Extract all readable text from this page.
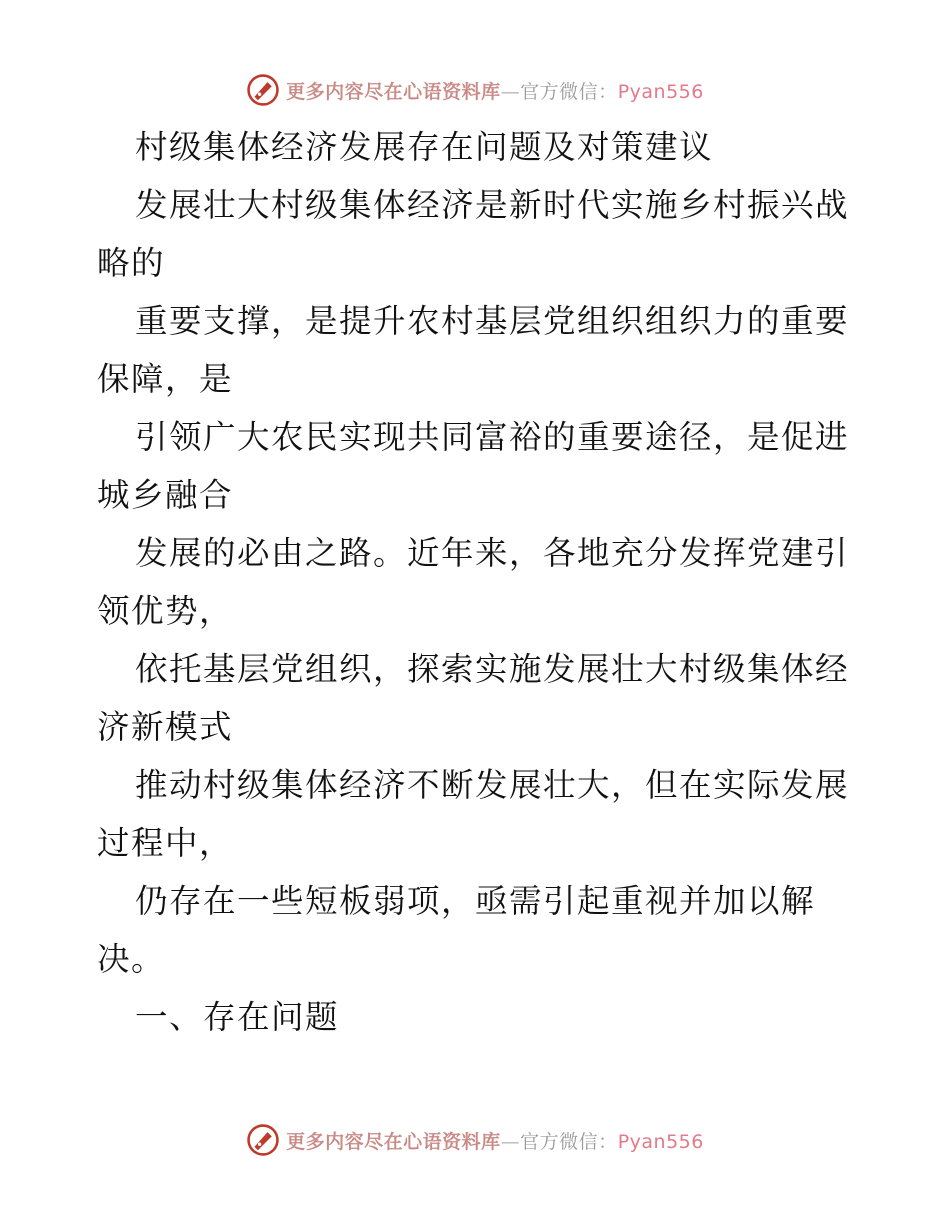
更多内容尽在心语资料库—官方微信：Pyan556
村级集体经济发展存在问题及对策建议
发展壮大村级集体经济是新时代实施乡村振兴战
略的
重要支撑，是提升农村基层党组织组织力的重要
保障，是
引领广大农民实现共同富裕的重要途径，是促进
城乡融合
发展的必由之路。近年来，各地充分发挥党建引
领优势，
依托基层党组织，探索实施发展壮大村级集体经
济新模式
推动村级集体经济不断发展壮大，但在实际发展
过程中，
仍存在一些短板弱项，亟需引起重视并加以解
决。
一、存在问题
更多内容尽在心语资料库—官方微信：Pyan556
